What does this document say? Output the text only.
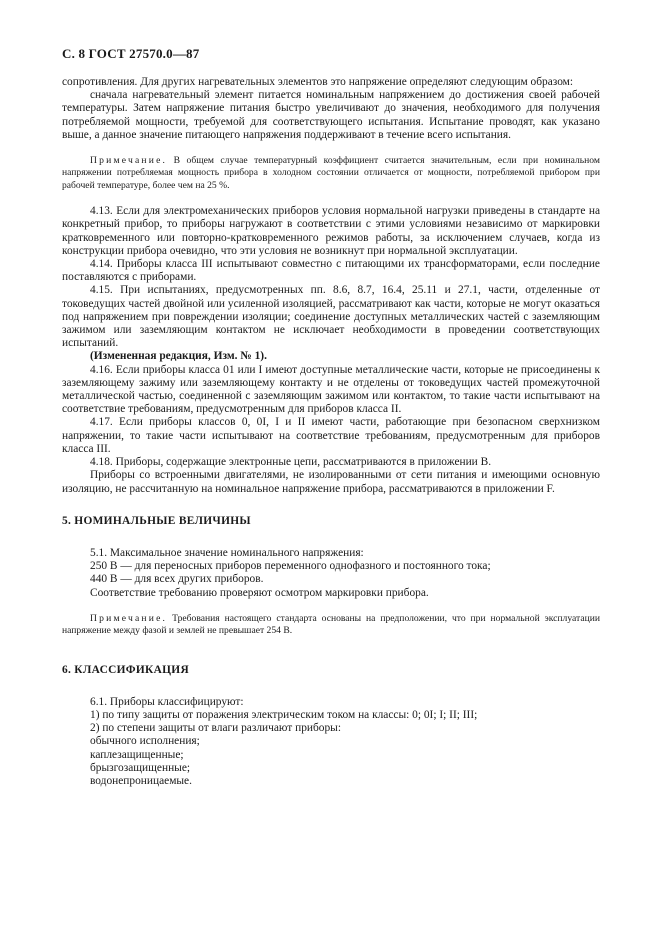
С. 8 ГОСТ 27570.0—87

сопротивления. Для других нагревательных элементов это напряжение определяют следующим образом:

сначала нагревательный элемент питается номинальным напряжением до достижения своей рабочей температуры. Затем напряжение питания быстро увеличивают до значения, необходимого для получения потребляемой мощности, требуемой для соответствующего испытания. Испытание проводят, как указано выше, а данное значение питающего напряжения поддерживают в течение всего испытания.

Примечание. В общем случае температурный коэффициент считается значительным, если при номинальном напряжении потребляемая мощность прибора в холодном состоянии отличается от мощности, потребляемой прибором при рабочей температуре, более чем на 25 %.

4.13. Если для электромеханических приборов условия нормальной нагрузки приведены в стандарте на конкретный прибор, то приборы нагружают в соответствии с этими условиями независимо от маркировки кратковременного или повторно-кратковременного режимов работы, за исключением случаев, когда из конструкции прибора очевидно, что эти условия не возникнут при нормальной эксплуатации.

4.14. Приборы класса III испытывают совместно с питающими их трансформаторами, если последние поставляются с приборами.

4.15. При испытаниях, предусмотренных пп. 8.6, 8.7, 16.4, 25.11 и 27.1, части, отделенные от токоведущих частей двойной или усиленной изоляцией, рассматривают как части, которые не могут оказаться под напряжением при повреждении изоляции; соединение доступных металлических частей с заземляющим зажимом или заземляющим контактом не исключает необходимости в проведении соответствующих испытаний.

(Измененная редакция, Изм. № 1).

4.16. Если приборы класса 01 или I имеют доступные металлические части, которые не присоединены к заземляющему зажиму или заземляющему контакту и не отделены от токоведущих частей промежуточной металлической частью, соединенной с заземляющим зажимом или контактом, то такие части испытывают на соответствие требованиям, предусмотренным для приборов класса II.

4.17. Если приборы классов 0, 0I, I и II имеют части, работающие при безопасном сверхнизком напряжении, то такие части испытывают на соответствие требованиям, предусмотренным для приборов класса III.

4.18. Приборы, содержащие электронные цепи, рассматриваются в приложении В.

Приборы со встроенными двигателями, не изолированными от сети питания и имеющими основную изоляцию, не рассчитанную на номинальное напряжение прибора, рассматриваются в приложении F.

5. НОМИНАЛЬНЫЕ ВЕЛИЧИНЫ

5.1. Максимальное значение номинального напряжения:

250 В — для переносных приборов переменного однофазного и постоянного тока;

440 В — для всех других приборов.

Соответствие требованию проверяют осмотром маркировки прибора.

Примечание. Требования настоящего стандарта основаны на предположении, что при нормальной эксплуатации напряжение между фазой и землей не превышает 254 В.

6. КЛАССИФИКАЦИЯ

6.1. Приборы классифицируют:

1) по типу защиты от поражения электрическим током на классы: 0; 0I; I; II; III;

2) по степени защиты от влаги различают приборы:

обычного исполнения;

каплезащищенные;

брызгозащищенные;

водонепроницаемые.
